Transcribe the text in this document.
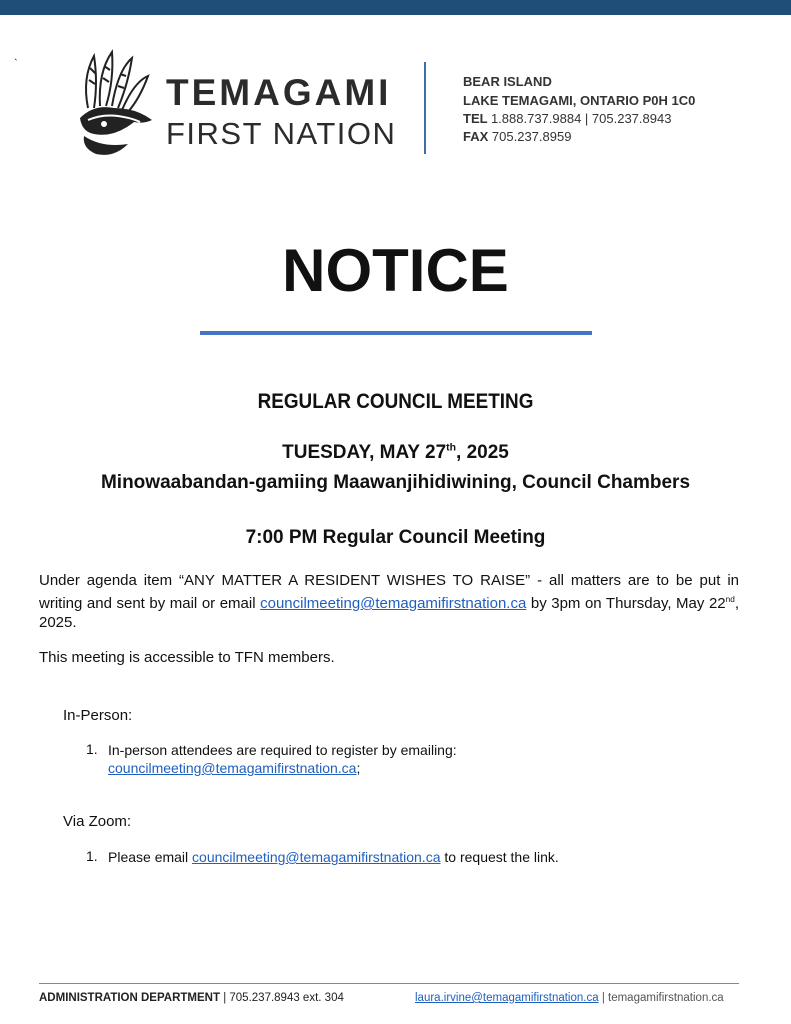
`
TEMAGAMI
FIRST NATION
BEAR ISLAND
LAKE TEMAGAMI, ONTARIO P0H 1C0
TEL 1.888.737.9884 | 705.237.8943
FAX 705.237.8959
NOTICE
REGULAR COUNCIL MEETING
TUESDAY, MAY 27th, 2025
Minowaabandan-gamiing Maawanjihidiwining, Council Chambers
7:00 PM Regular Council Meeting
Under agenda item “ANY MATTER A RESIDENT WISHES TO RAISE” - all matters are to be put in writing and sent by mail or email councilmeeting@temagamifirstnation.ca by 3pm on Thursday, May 22nd, 2025.
This meeting is accessible to TFN members.
In-Person:
1. In-person attendees are required to register by emailing:
councilmeeting@temagamifirstnation.ca;
Via Zoom:
1. Please email councilmeeting@temagamifirstnation.ca to request the link.
ADMINISTRATION DEPARTMENT | 705.237.8943 ext. 304	laura.irvine@temagamifirstnation.ca | temagamifirstnation.ca
